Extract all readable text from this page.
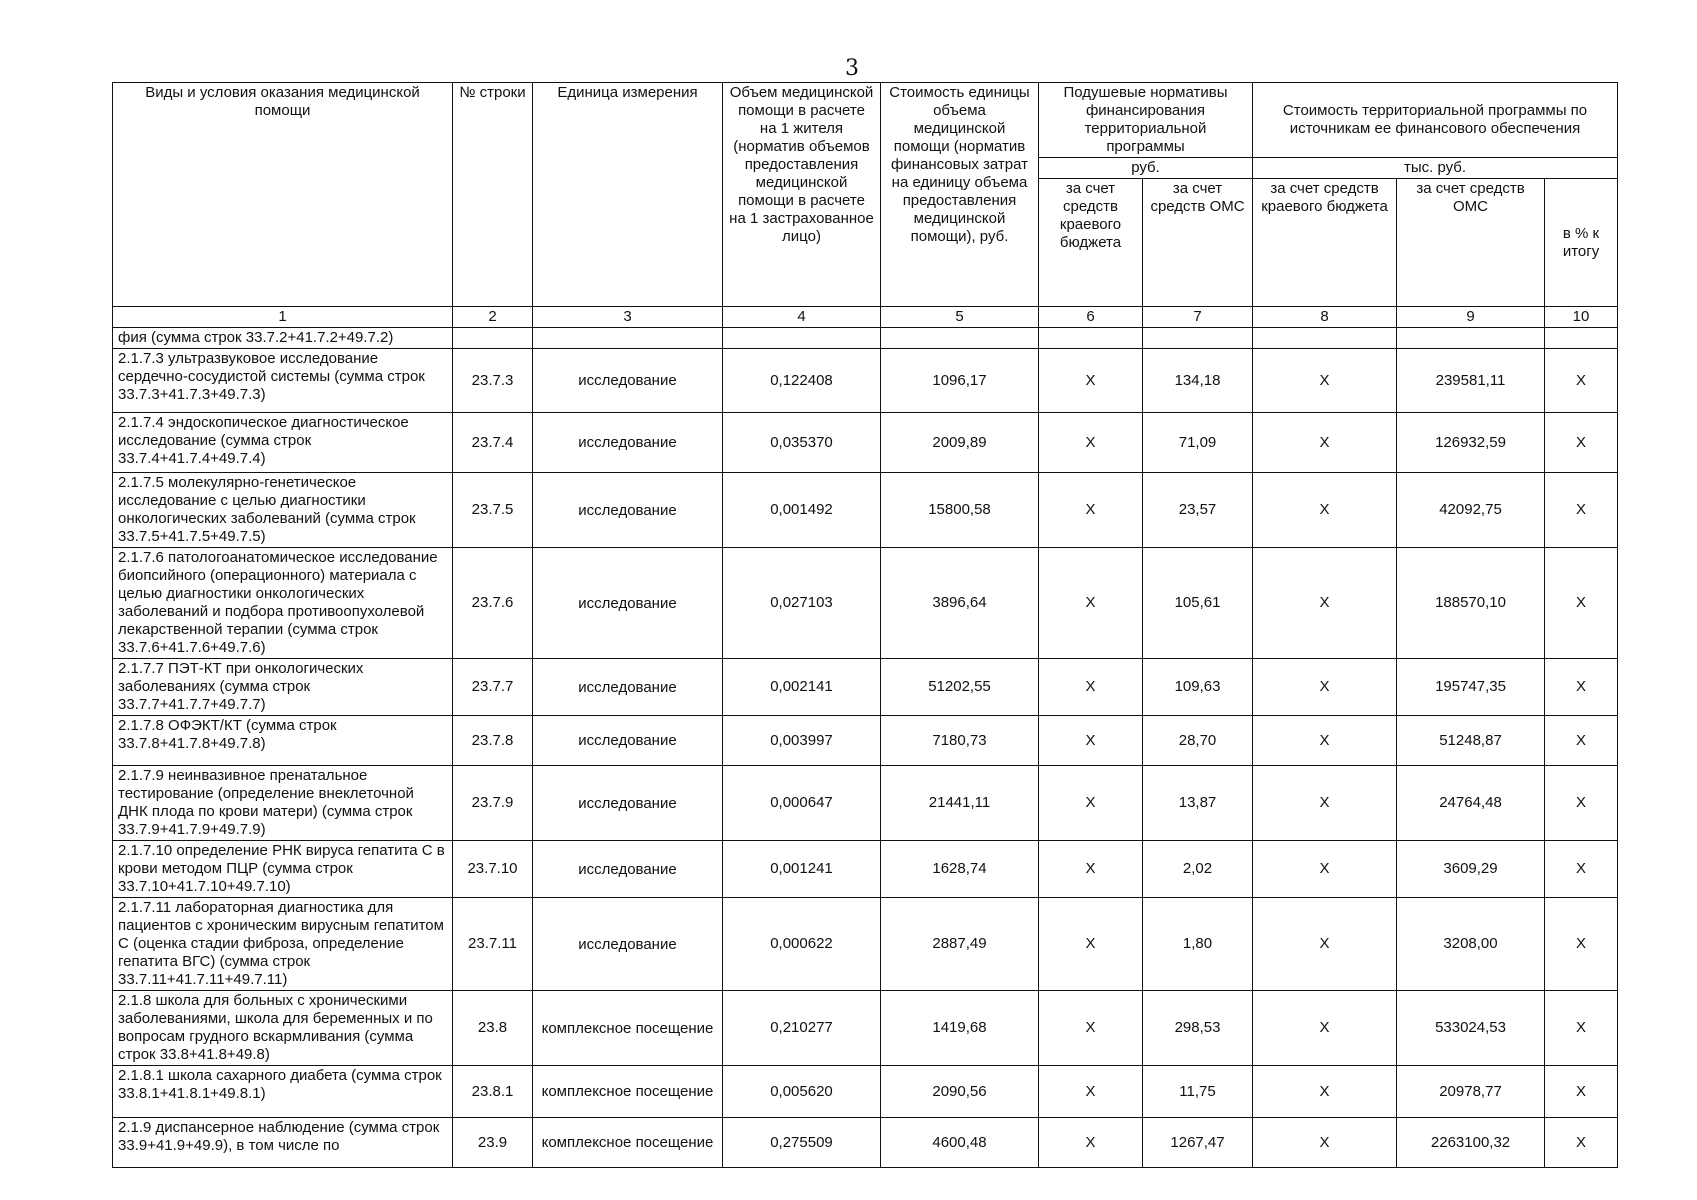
3
Виды и условия оказания медицинской помощи	№ строки	Единица измерения	Объем медицинской помощи в расчете на 1 жителя (норматив объемов предоставления медицинской помощи в расчете на 1 застрахованное лицо)	Стоимость единицы объема медицинской помощи (норматив финансовых затрат на единицу объема предоставления медицинской помощи), руб.	Подушевые нормативы финансирования территориальной программы		Стоимость территориальной программы по источникам ее финансового обеспечения		
					руб.		тыс. руб.		
					за счет средств краевого бюджета	за счет средств ОМС	за счет средств краевого бюджета	за счет средств ОМС	в % к итогу
1	2	3	4	5	6	7	8	9	10
фия (сумма строк 33.7.2+41.7.2+49.7.2)									
2.1.7.3 ультразвуковое исследование сердечно-сосудистой системы (сумма строк 33.7.3+41.7.3+49.7.3)	23.7.3	исследование	0,122408	1096,17	Х	134,18	Х	239581,11	Х
2.1.7.4 эндоскопическое диагностическое исследование (сумма строк 33.7.4+41.7.4+49.7.4)	23.7.4	исследование	0,035370	2009,89	Х	71,09	Х	126932,59	Х
2.1.7.5 молекулярно-генетическое исследование с целью диагностики онкологических заболеваний (сумма строк 33.7.5+41.7.5+49.7.5)	23.7.5	исследование	0,001492	15800,58	Х	23,57	Х	42092,75	Х
2.1.7.6 патологоанатомическое исследование биопсийного (операционного) материала с целью диагностики онкологических заболеваний и подбора противоопухолевой лекарственной терапии (сумма строк 33.7.6+41.7.6+49.7.6)	23.7.6	исследование	0,027103	3896,64	Х	105,61	Х	188570,10	Х
2.1.7.7 ПЭТ-КТ при онкологических заболеваниях (сумма строк 33.7.7+41.7.7+49.7.7)	23.7.7	исследование	0,002141	51202,55	Х	109,63	Х	195747,35	Х
2.1.7.8 ОФЭКТ/КТ (сумма строк 33.7.8+41.7.8+49.7.8)	23.7.8	исследование	0,003997	7180,73	Х	28,70	Х	51248,87	Х
2.1.7.9 неинвазивное пренатальное тестирование (определение внеклеточной ДНК плода по крови матери) (сумма строк 33.7.9+41.7.9+49.7.9)	23.7.9	исследование	0,000647	21441,11	Х	13,87	Х	24764,48	Х
2.1.7.10 определение РНК вируса гепатита С в крови методом ПЦР (сумма строк 33.7.10+41.7.10+49.7.10)	23.7.10	исследование	0,001241	1628,74	Х	2,02	Х	3609,29	Х
2.1.7.11 лабораторная диагностика для пациентов с хроническим вирусным гепатитом С (оценка стадии фиброза, определение гепатита ВГС) (сумма строк 33.7.11+41.7.11+49.7.11)	23.7.11	исследование	0,000622	2887,49	Х	1,80	Х	3208,00	Х
2.1.8 школа для больных с хроническими заболеваниями, школа для беременных и по вопросам грудного вскармливания (сумма строк 33.8+41.8+49.8)	23.8	комплексное посещение	0,210277	1419,68	Х	298,53	Х	533024,53	Х
2.1.8.1 школа сахарного диабета (сумма строк 33.8.1+41.8.1+49.8.1)	23.8.1	комплексное посещение	0,005620	2090,56	Х	11,75	Х	20978,77	Х
2.1.9 диспансерное наблюдение (сумма строк 33.9+41.9+49.9), в том числе по	23.9	комплексное посещение	0,275509	4600,48	Х	1267,47	Х	2263100,32	Х
